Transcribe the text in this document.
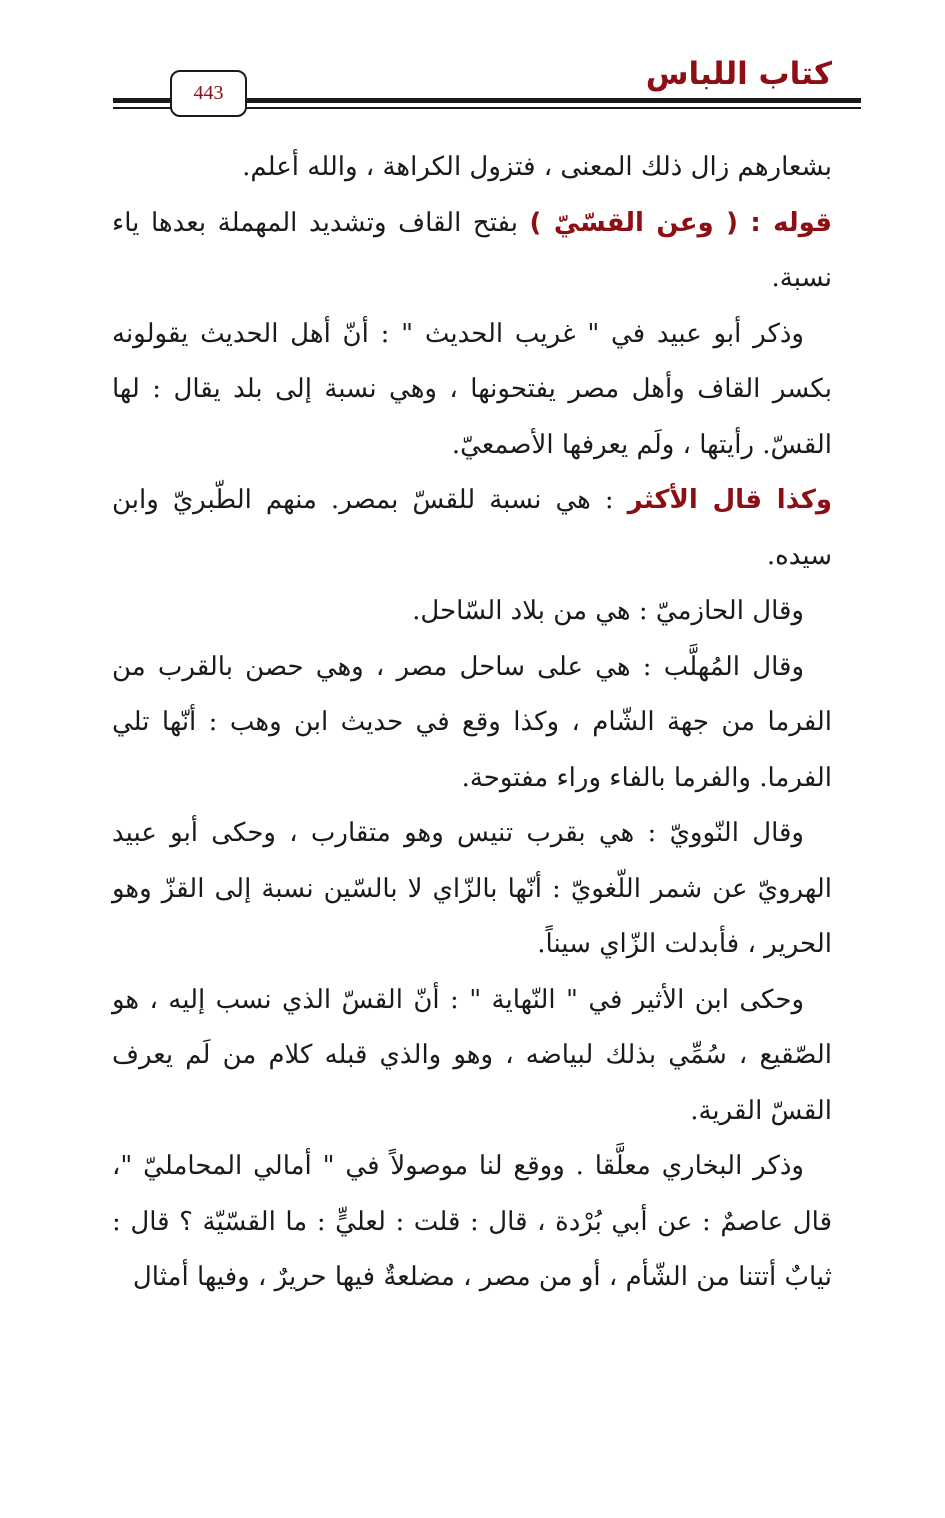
كتاب اللباس
443

بشعارهم زال ذلك المعنى ، فتزول الكراهة ، والله أعلم.

قوله : ( وعن القسّيّ ) بفتح القاف وتشديد المهملة بعدها ياء نسبة.

وذكر أبو عبيد في " غريب الحديث " : أنّ أهل الحديث يقولونه بكسر القاف وأهل مصر يفتحونها ، وهي نسبة إلى بلد يقال : لها القسّ. رأيتها ، ولَم يعرفها الأصمعيّ.

وكذا قال الأكثر : هي نسبة للقسّ بمصر. منهم الطّبريّ وابن سيده.

وقال الحازميّ : هي من بلاد السّاحل.

وقال المُهلَّب : هي على ساحل مصر ، وهي حصن بالقرب من الفرما من جهة الشّام ، وكذا وقع في حديث ابن وهب : أنّها تلي الفرما. والفرما بالفاء وراء مفتوحة.

وقال النّوويّ : هي بقرب تنيس وهو متقارب ، وحكى أبو عبيد الهرويّ عن شمر اللّغويّ : أنّها بالزّاي لا بالسّين نسبة إلى القزّ وهو الحرير ، فأبدلت الزّاي سيناً.

وحكى ابن الأثير في " النّهاية " : أنّ القسّ الذي نسب إليه ، هو الصّقيع ، سُمِّي بذلك لبياضه ، وهو والذي قبله كلام من لَم يعرف القسّ القرية.

وذكر البخاري معلَّقا . ووقع لنا موصولاً في " أمالي المحامليّ "، قال عاصمٌ : عن أبي بُرْدة ، قال : قلت : لعليٍّ : ما القسّيّة ؟ قال : ثيابٌ أتتنا من الشّأم ، أو من مصر ، مضلعةٌ فيها حريرٌ ، وفيها أمثال
